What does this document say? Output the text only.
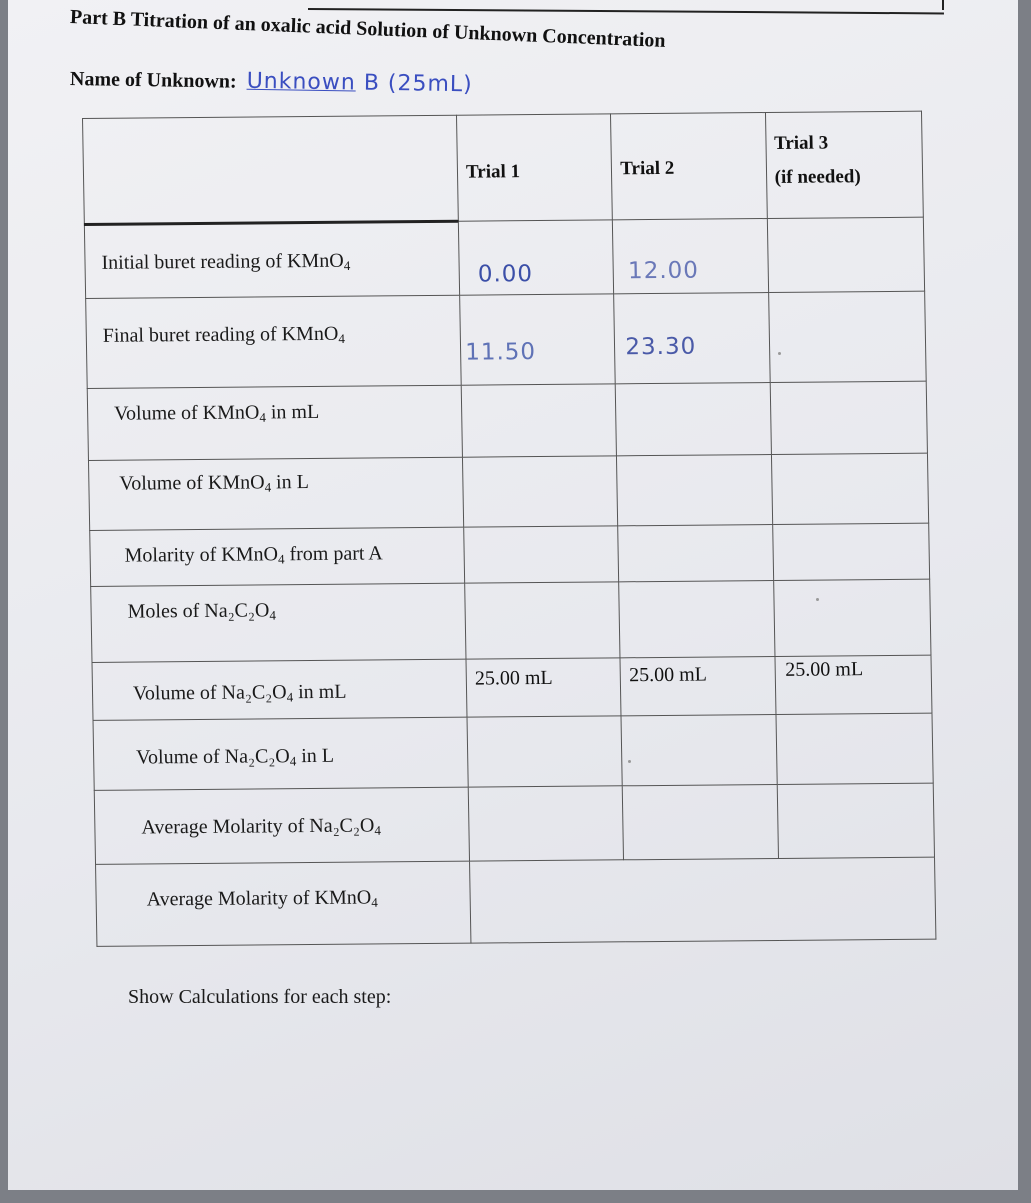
Part B Titration of an oxalic acid Solution of Unknown Concentration
Name of Unknown: Unknown B (25mL)

	Trial 1	Trial 2	Trial 3
(if needed)

Initial buret reading of KMnO$_4$	0.00	12.00	

Final buret reading of KMnO$_4$	11.50	23.30	

Volume of KMnO$_4$ in mL			

Volume of KMnO$_4$ in L			

Molarity of KMnO$_4$ from part A			

Moles of $Na_2C_2O_4$

Volume of $Na_2C_2O_4$ in mL	25.00 mL	25.00 mL	25.00 mL

Volume of $Na_2C_2O_4$ in L			

Average Molarity of $Na_2C_2O_4$

Average Molarity of KMnO$_4$

Show Calculations for each step:
